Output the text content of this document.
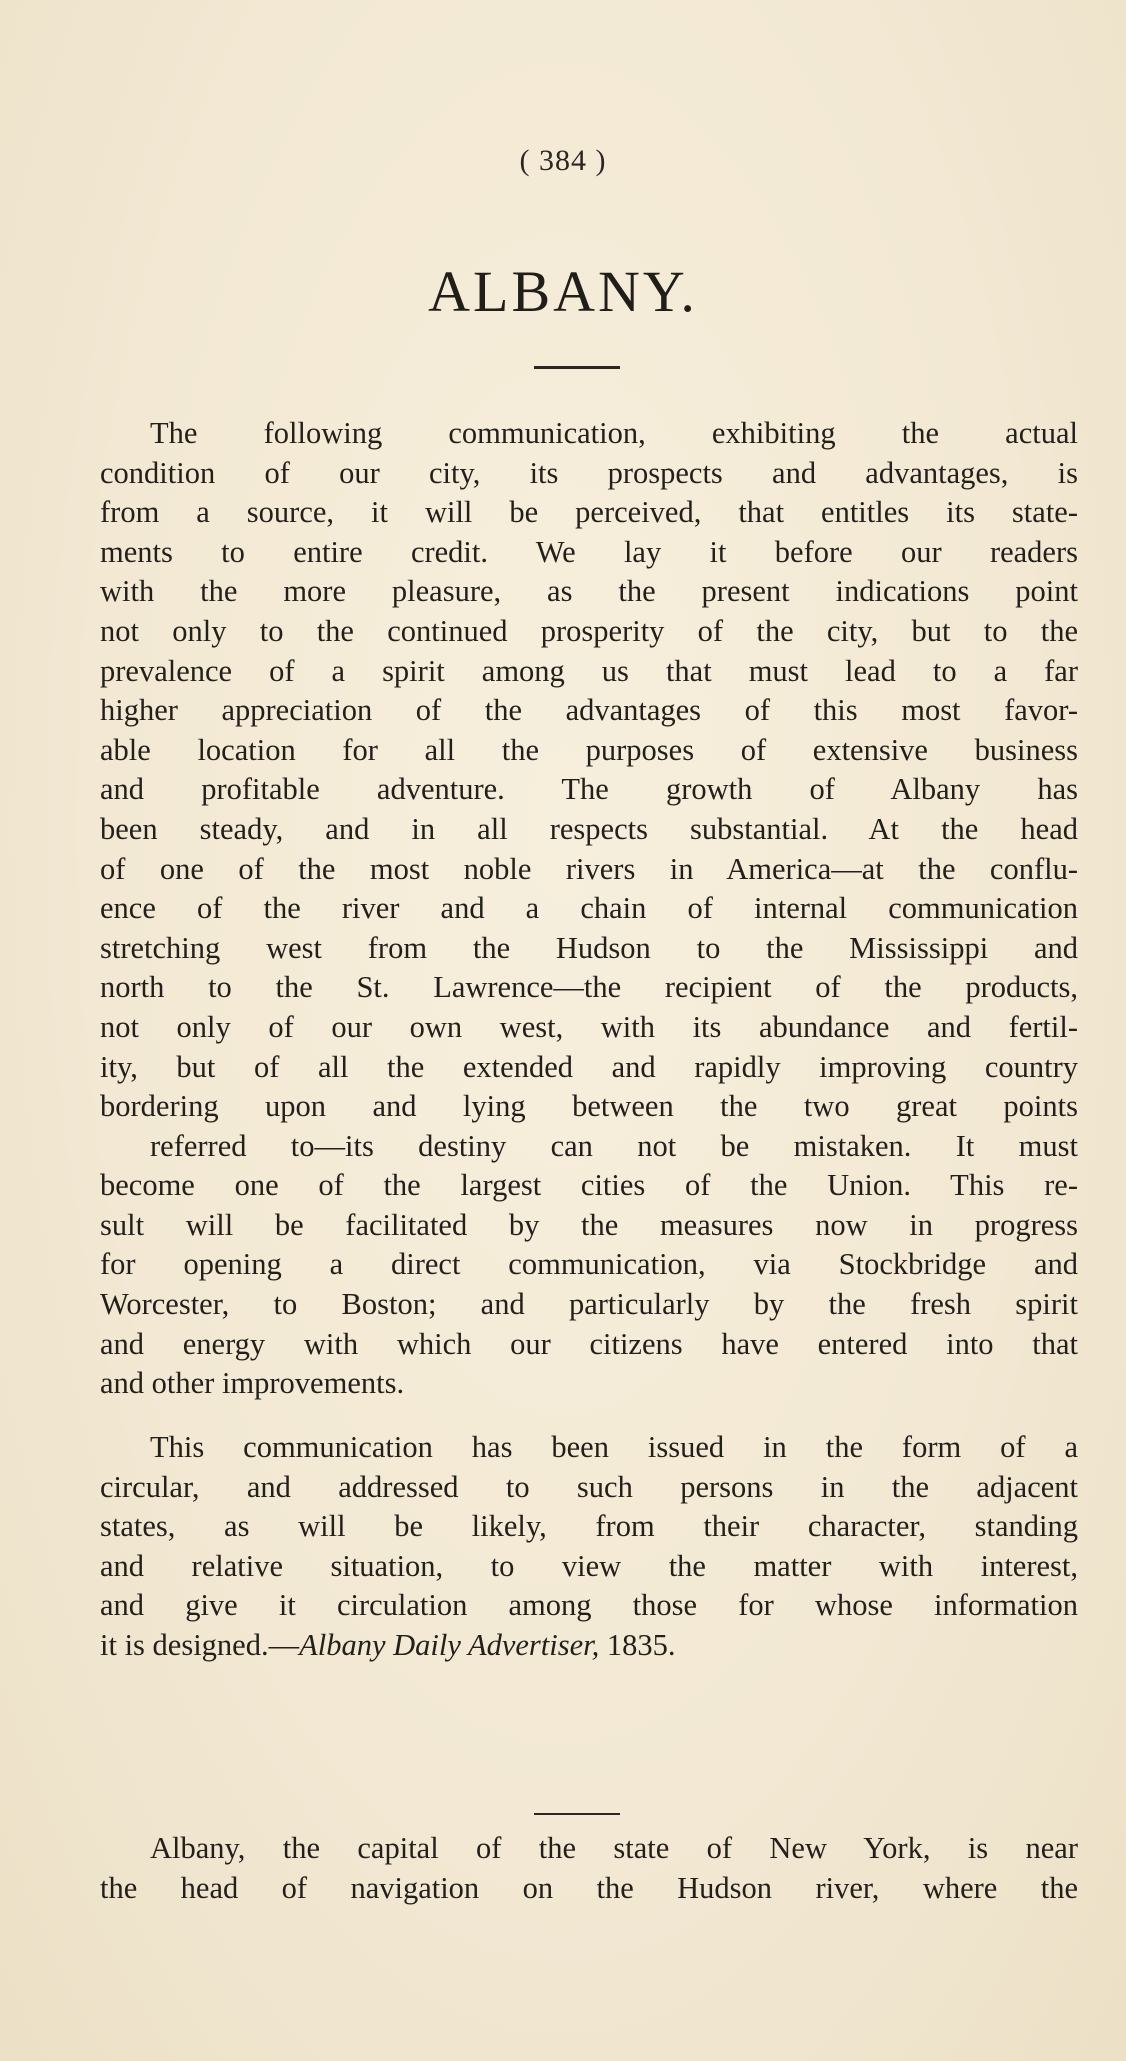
( 384 )
ALBANY.
The following communication, exhibiting the actual
condition of our city, its prospects and advantages, is
from a source, it will be perceived, that entitles its state-
ments to entire credit. We lay it before our readers
with the more pleasure, as the present indications point
not only to the continued prosperity of the city, but to the
prevalence of a spirit among us that must lead to a far
higher appreciation of the advantages of this most favor-
able location for all the purposes of extensive business
and profitable adventure. The growth of Albany has
been steady, and in all respects substantial. At the head
of one of the most noble rivers in America—at the conflu-
ence of the river and a chain of internal communication
stretching west from the Hudson to the Mississippi and
north to the St. Lawrence—the recipient of the products,
not only of our own west, with its abundance and fertil-
ity, but of all the extended and rapidly improving country
bordering upon and lying between the two great points
referred to—its destiny can not be mistaken. It must
become one of the largest cities of the Union. This re-
sult will be facilitated by the measures now in progress
for opening a direct communication, via Stockbridge and
Worcester, to Boston; and particularly by the fresh spirit
and energy with which our citizens have entered into that
and other improvements.
This communication has been issued in the form of a
circular, and addressed to such persons in the adjacent
states, as will be likely, from their character, standing
and relative situation, to view the matter with interest,
and give it circulation among those for whose information
it is designed.—Albany Daily Advertiser, 1835.
Albany, the capital of the state of New York, is near
the head of navigation on the Hudson river, where the
